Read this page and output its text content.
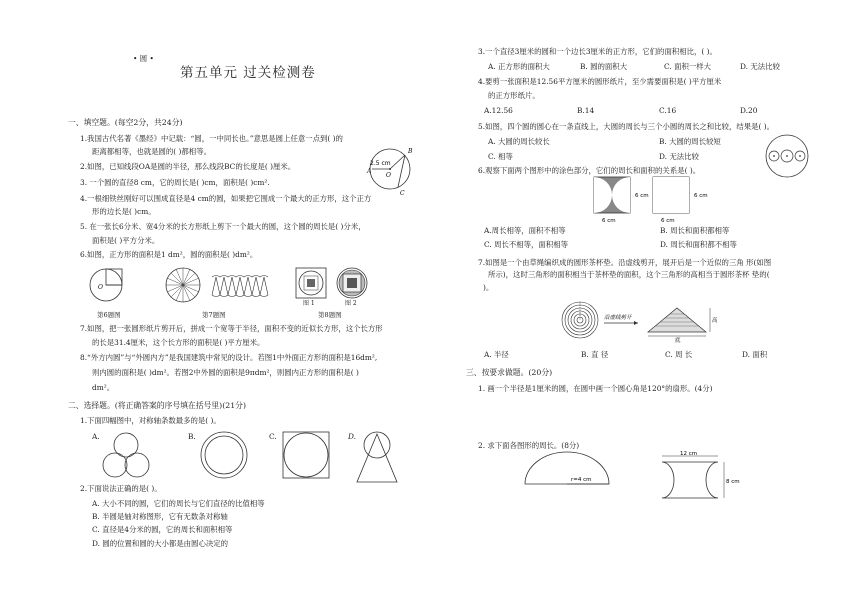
• 圆 •
第五单元 过关检测卷
一、填空题。(每空2分，共24分)
1.我国古代名著《墨经》中记载：“圆，一中同长也。”意思是圆上任意一点到( )的
距离都相等，也就是圆的( )都相等。
2.如图，已知线段OA是圆的半径，那么线段BC的长度是( )厘米。
3. 一个圆的直径8 cm，它的周长是( )cm，面积是( )cm².
4.一根细铁丝刚好可以围成直径是4 cm的圆，如果把它围成一个最大的正方形，这个正方
形的边长是( )cm。
5. 在一张长6分米、宽4分米的长方形纸上剪下一个最大的圆，这个圆的周长是( )分米，
面积是( )平方分米。
6.如图，正方形的面积是1 dm²，圆的面积是( )dm²。
2.5 cm
B
O
A
C
O
第6题图	第7题图
图 1	图 2
第8题图
7.如图，把一张圆形纸片剪开后，拼成一个宽等于半径，面积不变的近似长方形，这个长方形
的长是31.4厘米，这个长方形的面积是( )平方厘米。
8.“外方内圆”与“外圆内方”是我国建筑中常见的设计。若图1中外面正方形的面积是16dm²,
则内圆的面积是( )dm²。若图2中外圆的面积是9πdm²，则圆内正方形的面积是( )
dm²。
二、选择题。(将正确答案的序号填在括号里)(21分)
1.下面四幅图中，对称轴条数最多的是( )。
A.	B.	C.	D.
2.下面说法正确的是( )。
A. 大小不同的圆，它们的周长与它们直径的比值相等
B. 半圆是轴对称图形，它有无数条对称轴
C. 直径是4分米的圆，它的周长和面积相等
D. 圆的位置和圆的大小都是由圆心决定的
3.一个直径3厘米的圆和一个边长3厘米的正方形，它们的面积相比，( )。
A. 正方形的面积大	B. 圆的面积大	C. 面积一样大	D. 无法比较
4.要剪一张面积是12.56平方厘米的圆形纸片，至少需要面积是( )平方厘米
的正方形纸片。
A.12.56	B.14	C.16	D.20
5.如图，四个圆的圆心在一条直线上，大圆的周长与三个小圆的周长之和比较，结果是( )。
A. 大圆的周长较长	B. 大圆的周长较短
C. 相等	D. 无法比较
6.观察下面两个图形中的涂色部分，它们的周长和面积的关系是( )。
6 cm
6 cm
6 cm
6 cm
A.周长相等，面积不相等	B. 周长和面积都相等
C. 周长不相等，面积相等	D. 周长和面积都不相等
7.如图是一个由草绳编织成的圆形茶杯垫。沿虚线剪开，展开后是一个近似的三角 形(如图
所示)，这时三角形的面积相当于茶杯垫的面积，这个三角形的高相当于圆形茶杯 垫的(
)。
沿虚线剪开	高
底
A. 半径	B. 直 径	C. 周 长	D. 面积
三、按要求做题。(20分)
1. 画一个半径是1厘米的圆，在圆中画一个圆心角是120°的扇形。(4分)
2. 求下面各图形的周长。(8分)
r=4 cm
12 cm
8 cm
